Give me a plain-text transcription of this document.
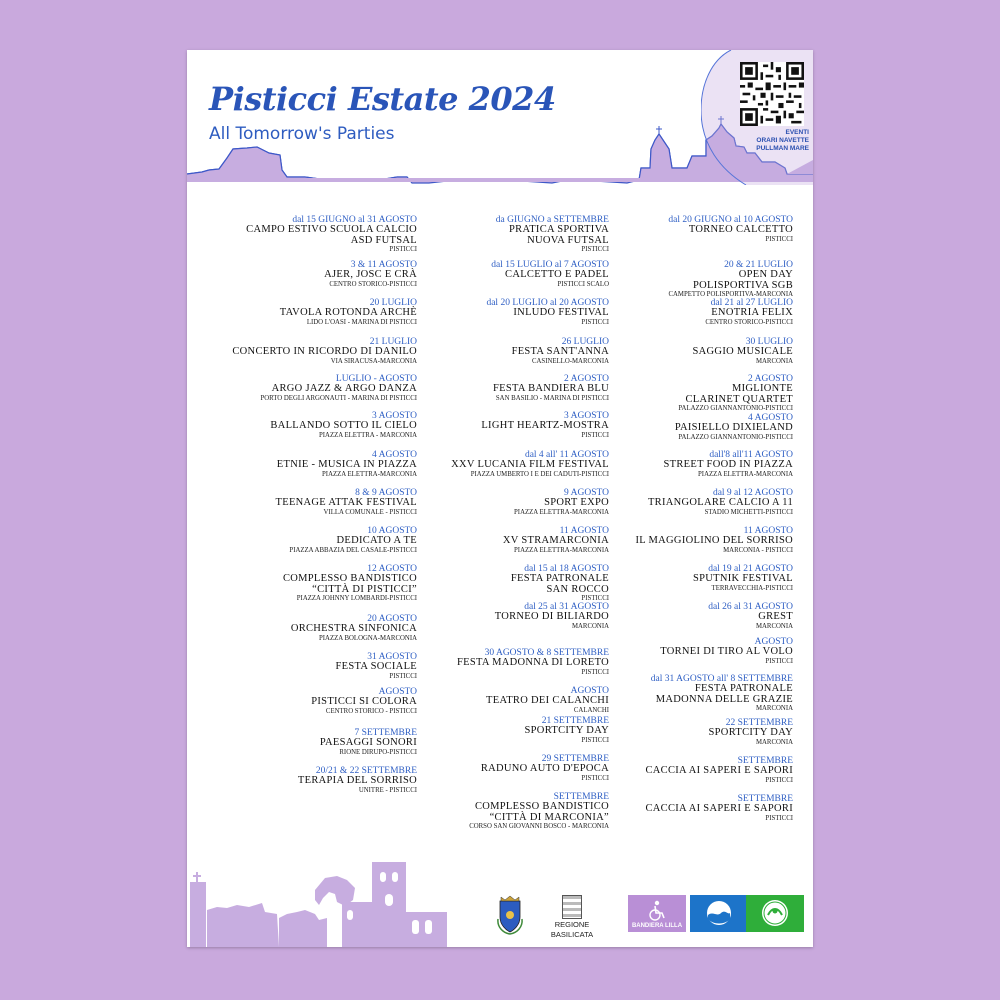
EVENTI
ORARI NAVETTE
PULLMAN MARE
Pisticci Estate 2024
All Tomorrow's Parties
dal 15 GIUGNO al 31 AGOSTO
CAMPO ESTIVO SCUOLA CALCIO
ASD FUTSAL
PISTICCI
3 & 11 AGOSTO
AJER, JOSC E CRÀ
CENTRO STORICO-PISTICCI
20 LUGLIO
TAVOLA ROTONDA ARCHÈ
LIDO L'OASI - MARINA DI PISTICCI
21 LUGLIO
CONCERTO IN RICORDO DI DANILO
VIA SIRACUSA-MARCONIA
LUGLIO - AGOSTO
ARGO JAZZ & ARGO DANZA
PORTO DEGLI ARGONAUTI - MARINA DI PISTICCI
3 AGOSTO
BALLANDO SOTTO IL CIELO
PIAZZA ELETTRA - MARCONIA
4 AGOSTO
ETNIE - MUSICA IN PIAZZA
PIAZZA ELETTRA-MARCONIA
8 & 9 AGOSTO
TEENAGE ATTAK FESTIVAL
VILLA COMUNALE - PISTICCI
10 AGOSTO
DEDICATO A TE
PIAZZA ABBAZIA DEL CASALE-PISTICCI
12 AGOSTO
COMPLESSO BANDISTICO
“CITTÀ DI PISTICCI”
PIAZZA JOHNNY LOMBARDI-PISTICCI
20 AGOSTO
ORCHESTRA SINFONICA
PIAZZA BOLOGNA-MARCONIA
31 AGOSTO
FESTA SOCIALE
PISTICCI
AGOSTO
PISTICCI SI COLORA
CENTRO STORICO - PISTICCI
7 SETTEMBRE
PAESAGGI SONORI
RIONE DIRUPO-PISTICCI
20/21 & 22 SETTEMBRE
TERAPIA DEL SORRISO
UNITRE - PISTICCI
da GIUGNO a SETTEMBRE
PRATICA SPORTIVA
NUOVA FUTSAL
PISTICCI
dal 15 LUGLIO al 7 AGOSTO
CALCETTO E PADEL
PISTICCI SCALO
dal 20 LUGLIO al 20 AGOSTO
INLUDO FESTIVAL
PISTICCI
26 LUGLIO
FESTA SANT'ANNA
CASINELLO-MARCONIA
2 AGOSTO
FESTA BANDIERA BLU
SAN BASILIO - MARINA DI PISTICCI
3 AGOSTO
LIGHT HEARTZ-MOSTRA
PISTICCI
dal 4 all' 11 AGOSTO
XXV LUCANIA FILM FESTIVAL
PIAZZA UMBERTO I E DEI CADUTI-PISTICCI
9 AGOSTO
SPORT EXPO
PIAZZA ELETTRA-MARCONIA
11 AGOSTO
XV STRAMARCONIA
PIAZZA ELETTRA-MARCONIA
dal 15 al 18 AGOSTO
FESTA PATRONALE
SAN ROCCO
PISTICCI
dal 25 al 31 AGOSTO
TORNEO DI BILIARDO
MARCONIA
30 AGOSTO & 8 SETTEMBRE
FESTA MADONNA DI LORETO
PISTICCI
AGOSTO
TEATRO DEI CALANCHI
CALANCHI
21 SETTEMBRE
SPORTCITY DAY
PISTICCI
29 SETTEMBRE
RADUNO AUTO D'EPOCA
PISTICCI
SETTEMBRE
COMPLESSO BANDISTICO
“CITTÀ DI MARCONIA”
CORSO SAN GIOVANNI BOSCO - MARCONIA
dal 20 GIUGNO al 10 AGOSTO
TORNEO CALCETTO
PISTICCI
20 & 21 LUGLIO
OPEN DAY
POLISPORTIVA SGB
CAMPETTO POLISPORTIVA-MARCONIA
dal 21 al 27 LUGLIO
ENOTRIA FELIX
CENTRO STORICO-PISTICCI
30 LUGLIO
SAGGIO MUSICALE
MARCONIA
2 AGOSTO
MIGLIONTE
CLARINET QUARTET
PALAZZO GIANNANTONIO-PISTICCI
4 AGOSTO
PAISIELLO DIXIELAND
PALAZZO GIANNANTONIO-PISTICCI
dall'8 all'11 AGOSTO
STREET FOOD IN PIAZZA
PIAZZA ELETTRA-MARCONIA
dal 9 al 12 AGOSTO
TRIANGOLARE CALCIO A 11
STADIO MICHETTI-PISTICCI
11 AGOSTO
IL MAGGIOLINO DEL SORRISO
MARCONIA - PISTICCI
dal 19 al 21 AGOSTO
SPUTNIK FESTIVAL
TERRAVECCHIA-PISTICCI
dal 26 al 31 AGOSTO
GREST
MARCONIA
AGOSTO
TORNEI DI TIRO AL VOLO
PISTICCI
dal 31 AGOSTO all' 8 SETTEMBRE
FESTA PATRONALE
MADONNA DELLE GRAZIE
MARCONIA
22 SETTEMBRE
SPORTCITY DAY
MARCONIA
SETTEMBRE
CACCIA AI SAPERI E SAPORI
PISTICCI
SETTEMBRE
CACCIA AI SAPERI E SAPORI
PISTICCI
REGIONE
BASILICATA
BANDIERA LILLA
